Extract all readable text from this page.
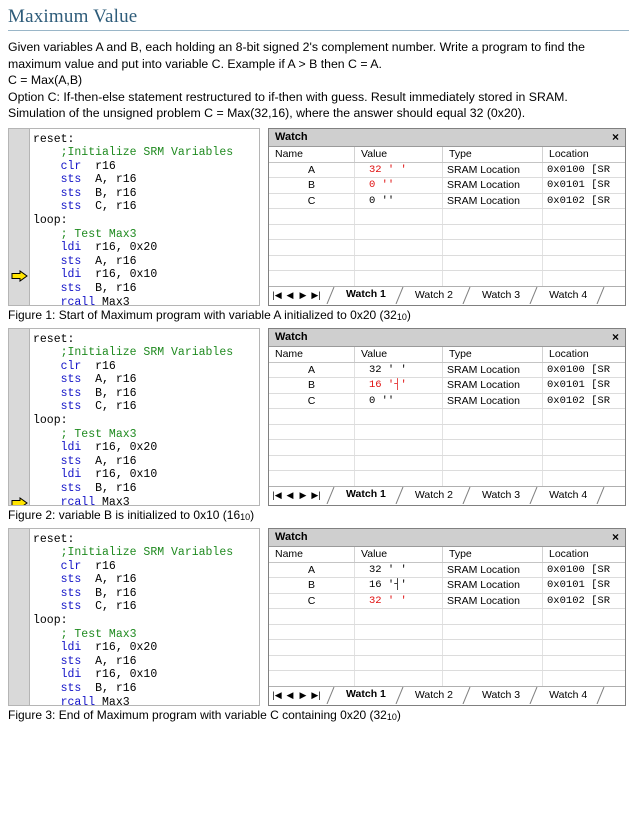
Maximum Value

Given variables A and B, each holding an 8-bit signed 2's complement number. Write a program to find the maximum value and put into variable C. Example if A > B then C = A.

C = Max(A,B)

Option C: If-then-else statement restructured to if-then with guess. Result immediately stored in SRAM.

Simulation of the unsigned problem C = Max(32,16), where the answer should equal 32 (0x20).

reset:
;Initialize SRM Variables
clr  r16
sts  A, r16
sts  B, r16
sts  C, r16
loop:
; Test Max3
ldi  r16, 0x20
sts  A, r16
ldi  r16, 0x10
sts  B, r16
rcall Max3
Watch	×
Name	Value	Type	Location
A	32 ' '	SRAM Location	0x0100 [SR
B	0 ''	SRAM Location	0x0101 [SR
C	0 ''	SRAM Location	0x0102 [SR
|◀ ◀ ▶ ▶|	Watch 1	Watch 2	Watch 3	Watch 4
Figure 1: Start of Maximum program with variable A initialized to 0x20 (3210)
reset:
;Initialize SRM Variables
clr  r16
sts  A, r16
sts  B, r16
sts  C, r16
loop:
; Test Max3
ldi  r16, 0x20
sts  A, r16
ldi  r16, 0x10
sts  B, r16
rcall Max3
Watch	×
Name	Value	Type	Location
A	32 ' '	SRAM Location	0x0100 [SR
B	16 '┤'	SRAM Location	0x0101 [SR
C	0 ''	SRAM Location	0x0102 [SR
|◀ ◀ ▶ ▶|	Watch 1	Watch 2	Watch 3	Watch 4
Figure 2: variable B is initialized to 0x10 (1610)
reset:
;Initialize SRM Variables
clr  r16
sts  A, r16
sts  B, r16
sts  C, r16
loop:
; Test Max3
ldi  r16, 0x20
sts  A, r16
ldi  r16, 0x10
sts  B, r16
rcall Max3
Watch	×
Name	Value	Type	Location
A	32 ' '	SRAM Location	0x0100 [SR
B	16 '┤'	SRAM Location	0x0101 [SR
C	32 ' '	SRAM Location	0x0102 [SR
|◀ ◀ ▶ ▶|	Watch 1	Watch 2	Watch 3	Watch 4
Figure 3: End of Maximum program with variable C containing 0x20 (3210)
